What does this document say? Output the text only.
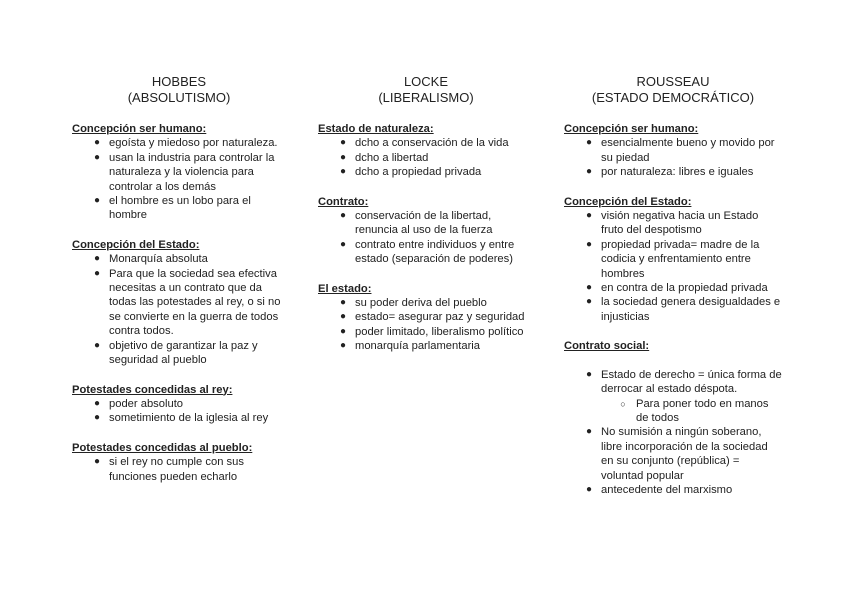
HOBBES
(ABSOLUTISMO)

Concepción ser humano:

● egoísta y miedoso por naturaleza.
● usan la industria para controlar la naturaleza y la violencia para controlar a los demás
● el hombre es un lobo para el hombre

Concepción del Estado:

● Monarquía absoluta
● Para que la sociedad sea efectiva necesitas a un contrato que da todas las potestades al rey, o si no se convierte en la guerra de todos contra todos.
● objetivo de garantizar la paz y seguridad al pueblo

Potestades concedidas al rey:

● poder absoluto
● sometimiento de la iglesia al rey

Potestades concedidas al pueblo:

● si el rey no cumple con sus funciones pueden echarlo
LOCKE
(LIBERALISMO)

Estado de naturaleza:

● dcho a conservación de la vida
● dcho a libertad
● dcho a propiedad privada

Contrato:

● conservación de la libertad, renuncia al uso de la fuerza
● contrato entre individuos y entre estado (separación de poderes)

El estado:

● su poder deriva del pueblo
● estado= asegurar paz y seguridad
● poder limitado, liberalismo político
● monarquía parlamentaria
ROUSSEAU
(ESTADO DEMOCRÁTICO)

Concepción ser humano:

● esencialmente bueno y movido por su piedad
● por naturaleza: libres e iguales

Concepción del Estado:

● visión negativa hacia un Estado fruto del despotismo
● propiedad privada= madre de la codicia y enfrentamiento entre hombres
● en contra de la propiedad privada
● la sociedad genera desigualdades e injusticias

Contrato social:

● Estado de derecho = única forma de derrocar al estado déspota.
○ Para poner todo en manos de todos
● No sumisión a ningún soberano, libre incorporación de la sociedad en su conjunto (república) = voluntad popular
● antecedente del marxismo
